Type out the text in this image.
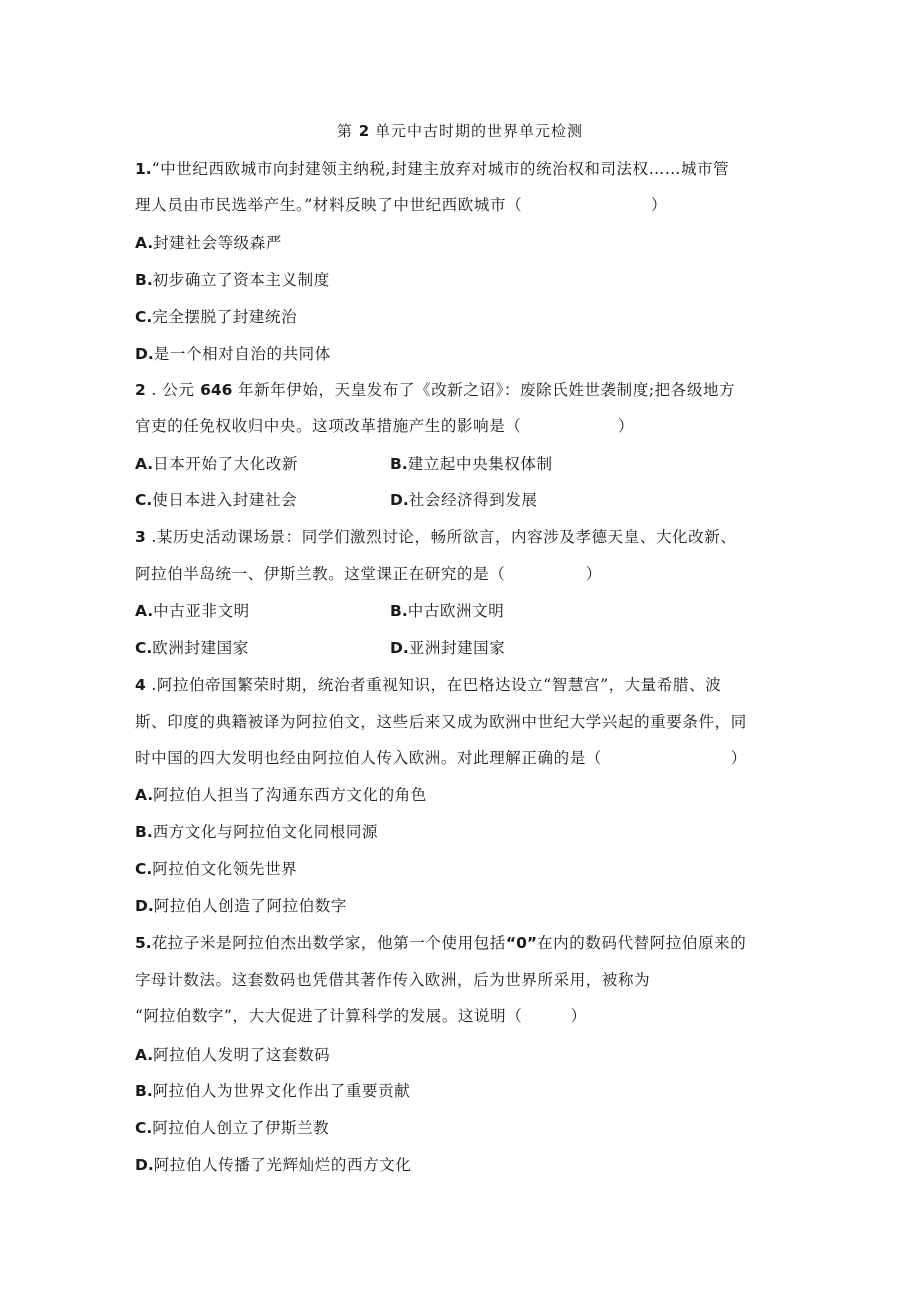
第 2 单元中古时期的世界单元检测
1.“中世纪西欧城市向封建领主纳税,封建主放弃对城市的统治权和司法权……城市管
理人员由市民选举产生。”材料反映了中世纪西欧城市（　　　　　　　　）
A.封建社会等级森严
B.初步确立了资本主义制度
C.完全摆脱了封建统治
D.是一个相对自治的共同体
2 . 公元 646 年新年伊始，天皇发布了《改新之诏》：废除氏姓世袭制度;把各级地方
官吏的任免权收归中央。这项改革措施产生的影响是（　　　　　　）
A.日本开始了大化改新	B.建立起中央集权体制
C.使日本进入封建社会	D.社会经济得到发展
3 .某历史活动课场景：同学们激烈讨论，畅所欲言，内容涉及孝德天皇、大化改新、
阿拉伯半岛统一、伊斯兰教。这堂课正在研究的是（　　　　　）
A.中古亚非文明	B.中古欧洲文明
C.欧洲封建国家	D.亚洲封建国家
4 .阿拉伯帝国繁荣时期，统治者重视知识，在巴格达设立“智慧宫”，大量希腊、波
斯、印度的典籍被译为阿拉伯文，这些后来又成为欧洲中世纪大学兴起的重要条件，同
时中国的四大发明也经由阿拉伯人传入欧洲。对此理解正确的是（　　　　　　　　）
A.阿拉伯人担当了沟通东西方文化的角色
B.西方文化与阿拉伯文化同根同源
C.阿拉伯文化领先世界
D.阿拉伯人创造了阿拉伯数字
5.花拉子米是阿拉伯杰出数学家，他第一个使用包括“0”在内的数码代替阿拉伯原来的
字母计数法。这套数码也凭借其著作传入欧洲，后为世界所采用，被称为
“阿拉伯数字”，大大促进了计算科学的发展。这说明（　　　）
A.阿拉伯人发明了这套数码
B.阿拉伯人为世界文化作出了重要贡献
C.阿拉伯人创立了伊斯兰教
D.阿拉伯人传播了光辉灿烂的西方文化
